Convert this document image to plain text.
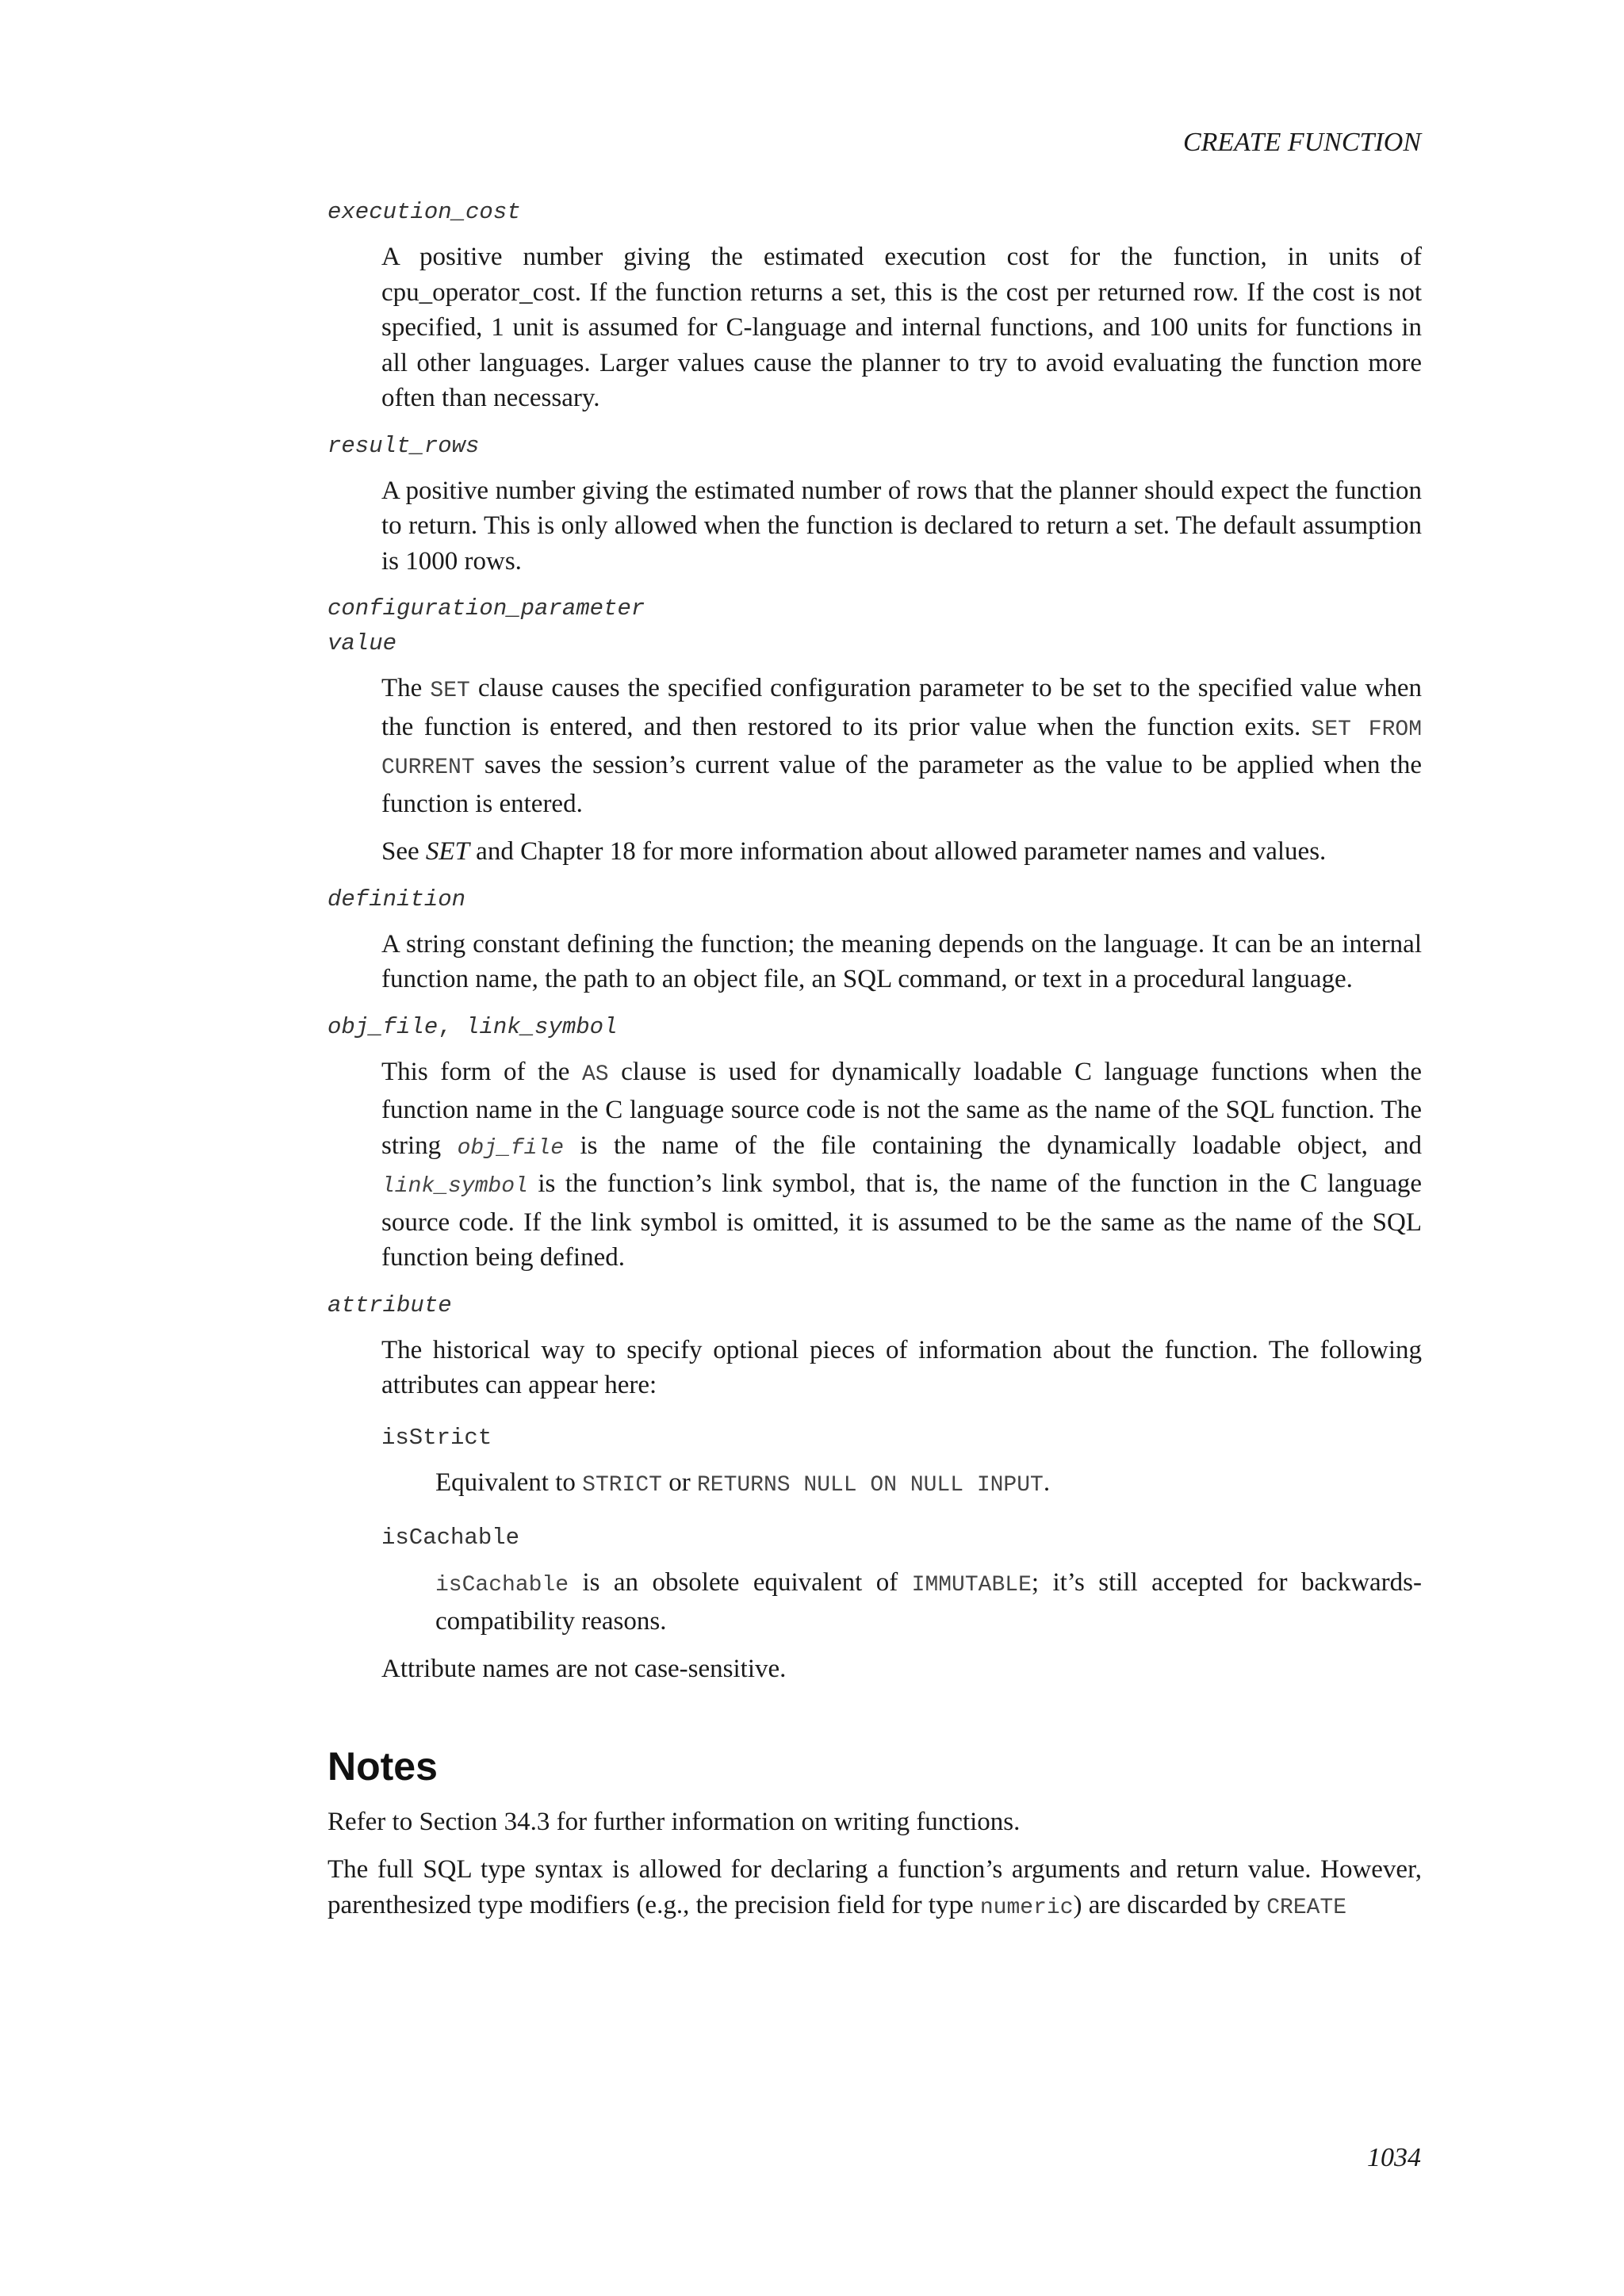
CREATE FUNCTION
execution_cost

A positive number giving the estimated execution cost for the function, in units of cpu_operator_cost. If the function returns a set, this is the cost per returned row. If the cost is not specified, 1 unit is assumed for C-language and internal functions, and 100 units for functions in all other languages. Larger values cause the planner to try to avoid evaluating the function more often than necessary.

result_rows

A positive number giving the estimated number of rows that the planner should expect the function to return. This is only allowed when the function is declared to return a set. The default assumption is 1000 rows.

configuration_parameter
value

The SET clause causes the specified configuration parameter to be set to the specified value when the function is entered, and then restored to its prior value when the function exits. SET FROM CURRENT saves the session’s current value of the parameter as the value to be applied when the function is entered.

See SET and Chapter 18 for more information about allowed parameter names and values.

definition

A string constant defining the function; the meaning depends on the language. It can be an internal function name, the path to an object file, an SQL command, or text in a procedural language.

obj_file, link_symbol

This form of the AS clause is used for dynamically loadable C language functions when the function name in the C language source code is not the same as the name of the SQL function. The string obj_file is the name of the file containing the dynamically loadable object, and link_symbol is the function’s link symbol, that is, the name of the function in the C language source code. If the link symbol is omitted, it is assumed to be the same as the name of the SQL function being defined.

attribute

The historical way to specify optional pieces of information about the function. The following attributes can appear here:

isStrict

Equivalent to STRICT or RETURNS NULL ON NULL INPUT.

isCachable

isCachable is an obsolete equivalent of IMMUTABLE; it’s still accepted for backwards-compatibility reasons.

Attribute names are not case-sensitive.

Notes

Refer to Section 34.3 for further information on writing functions.

The full SQL type syntax is allowed for declaring a function’s arguments and return value. However, parenthesized type modifiers (e.g., the precision field for type numeric) are discarded by CREATE

1034
